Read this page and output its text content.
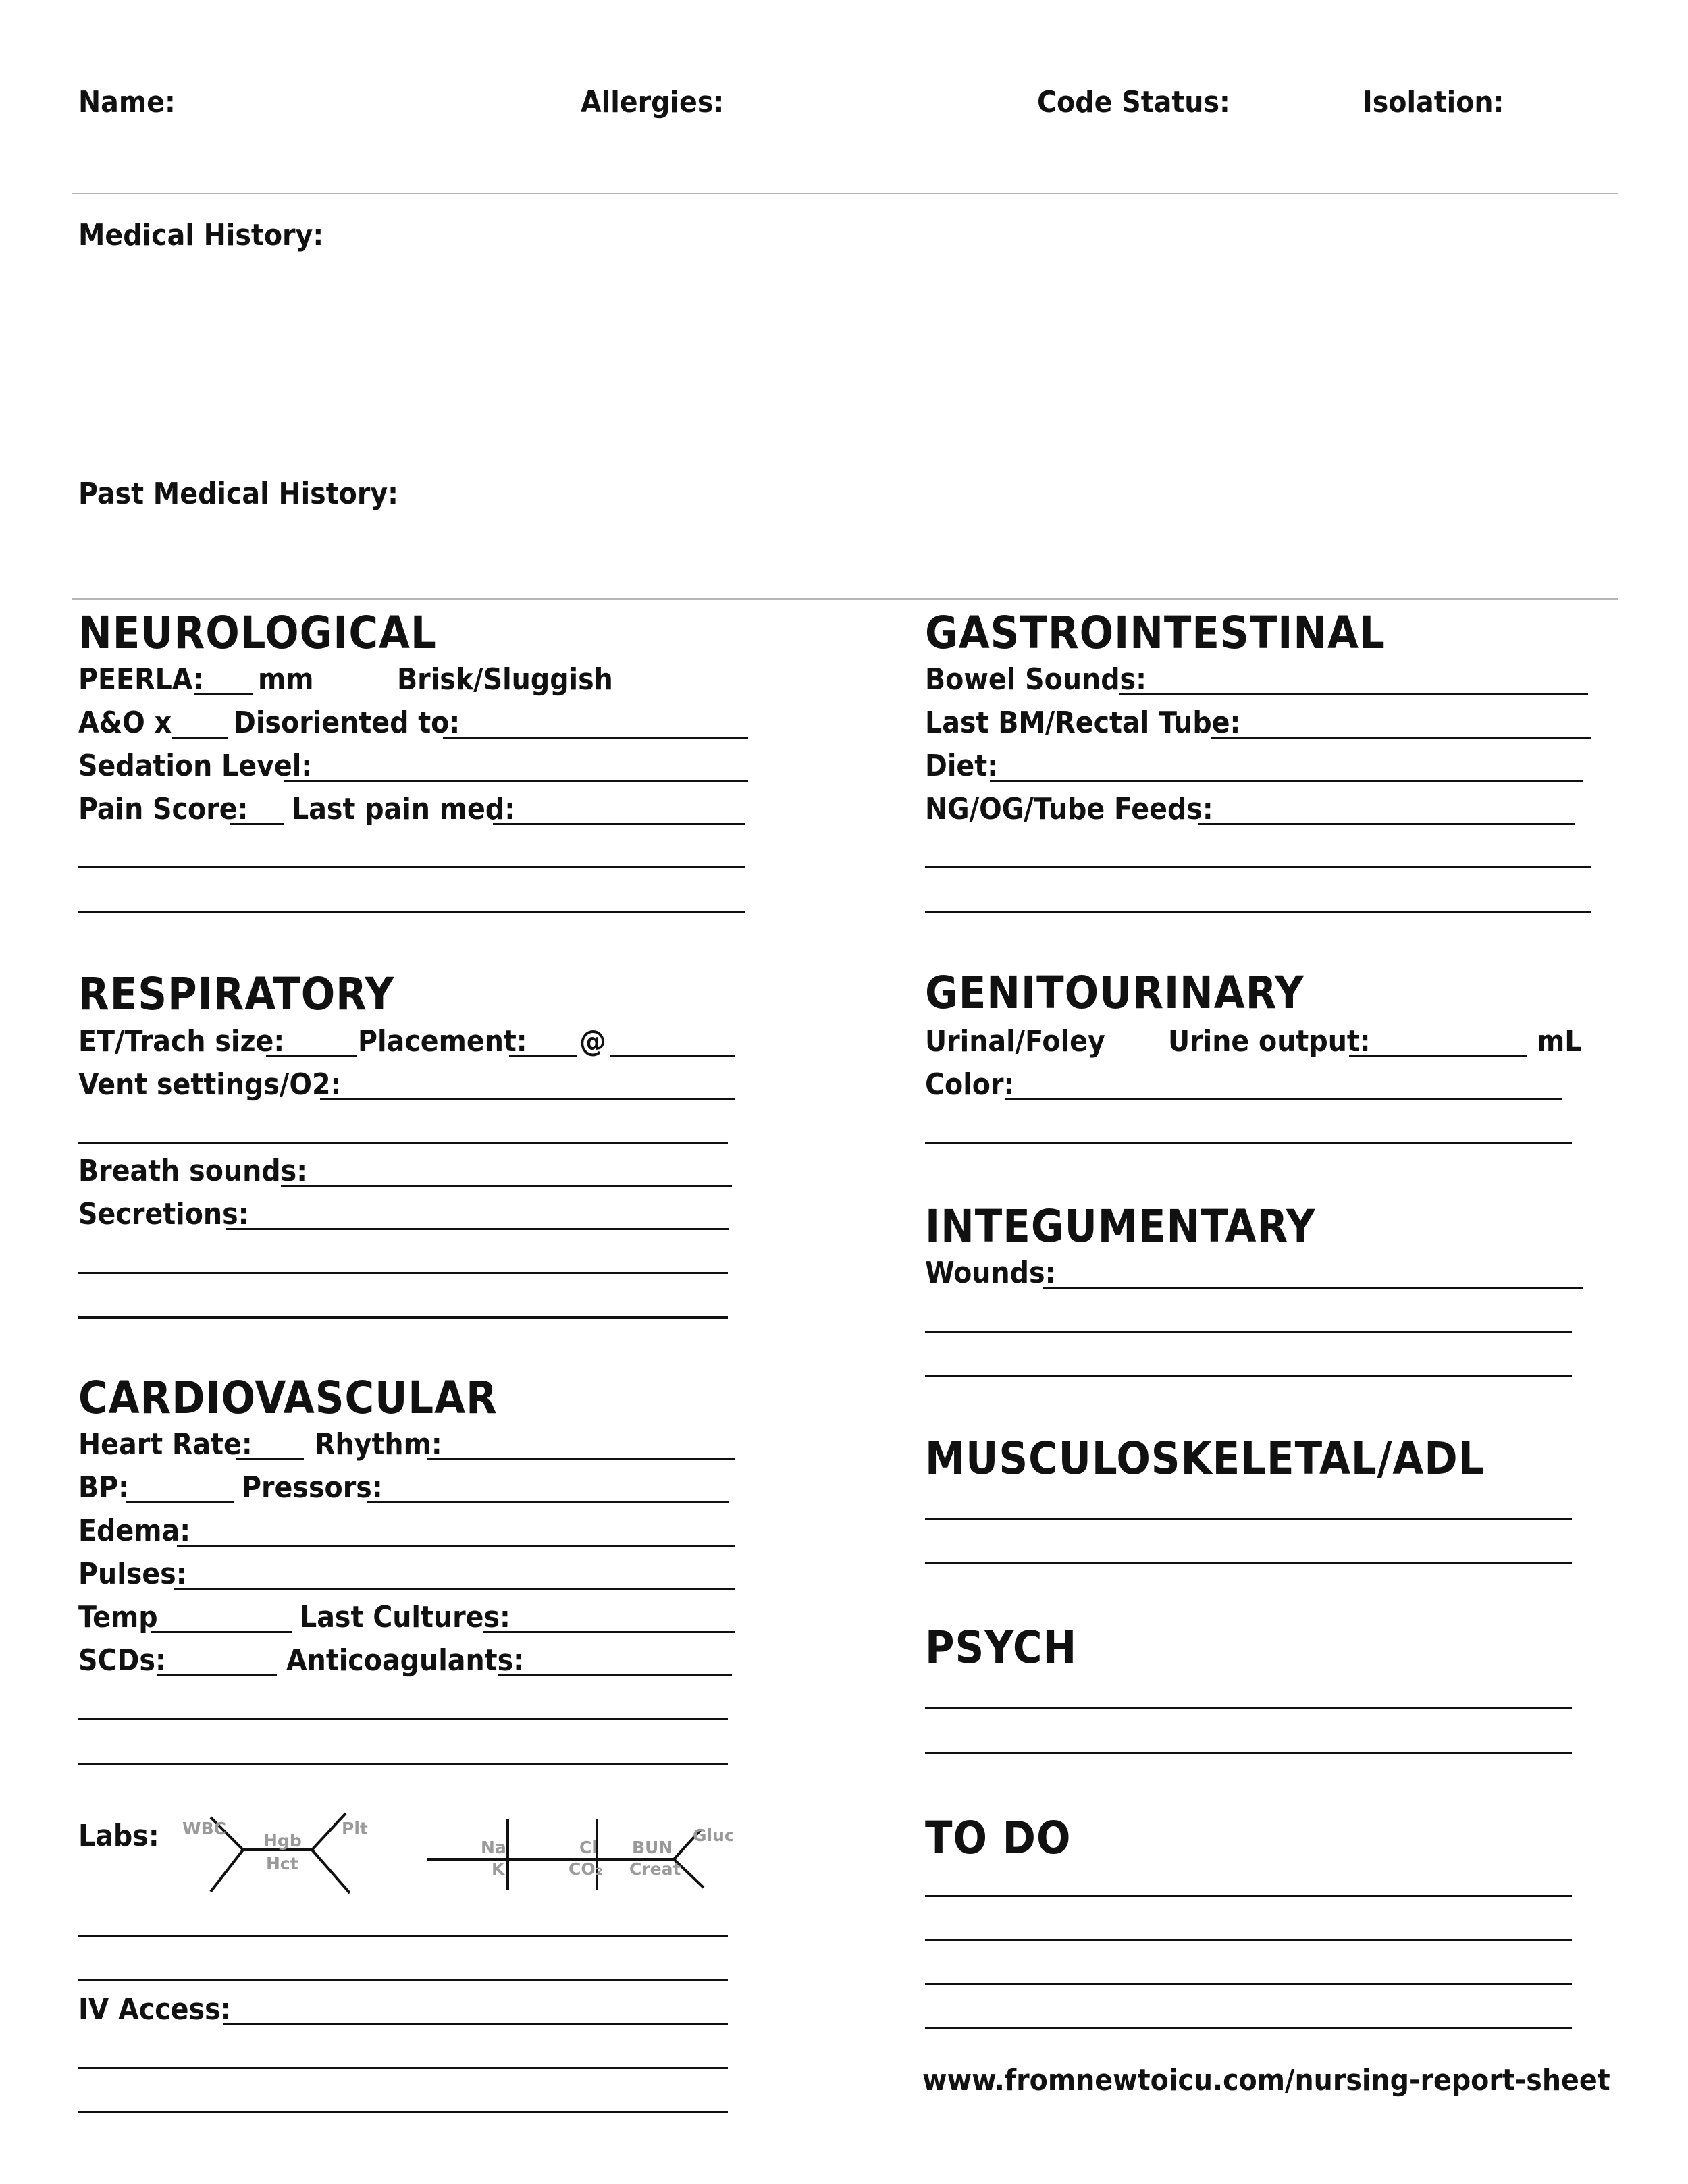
Name:	Allergies:	Code Status:	Isolation:
Medical History:
Past Medical History:
NEUROLOGICAL
PEERLA: mm	Brisk/Sluggish
A&O x Disoriented to:
Sedation Level:
Pain Score: Last pain med:
RESPIRATORY
ET/Trach size: Placement: @
Vent settings/O2:
Breath sounds:
Secretions:
CARDIOVASCULAR
Heart Rate: Rhythm:
BP:	Pressors:
Edema:
Pulses:
Temp	Last Cultures:
SCDs:	Anticoagulants:
Labs: WBC
Hgb
Hct
Plt
Na
K
Cl
CO₂
BUN
Creat
Gluc
IV Access:
GASTROINTESTINAL
Bowel Sounds:
Last BM/Rectal Tube:
Diet:
NG/OG/Tube Feeds:
GENITOURINARY
Urinal/Foley Urine output:	mL
Color:
INTEGUMENTARY
Wounds:
MUSCULOSKELETAL/ADL
PSYCH
TO DO
www.fromnewtoicu.com/nursing-report-sheet
